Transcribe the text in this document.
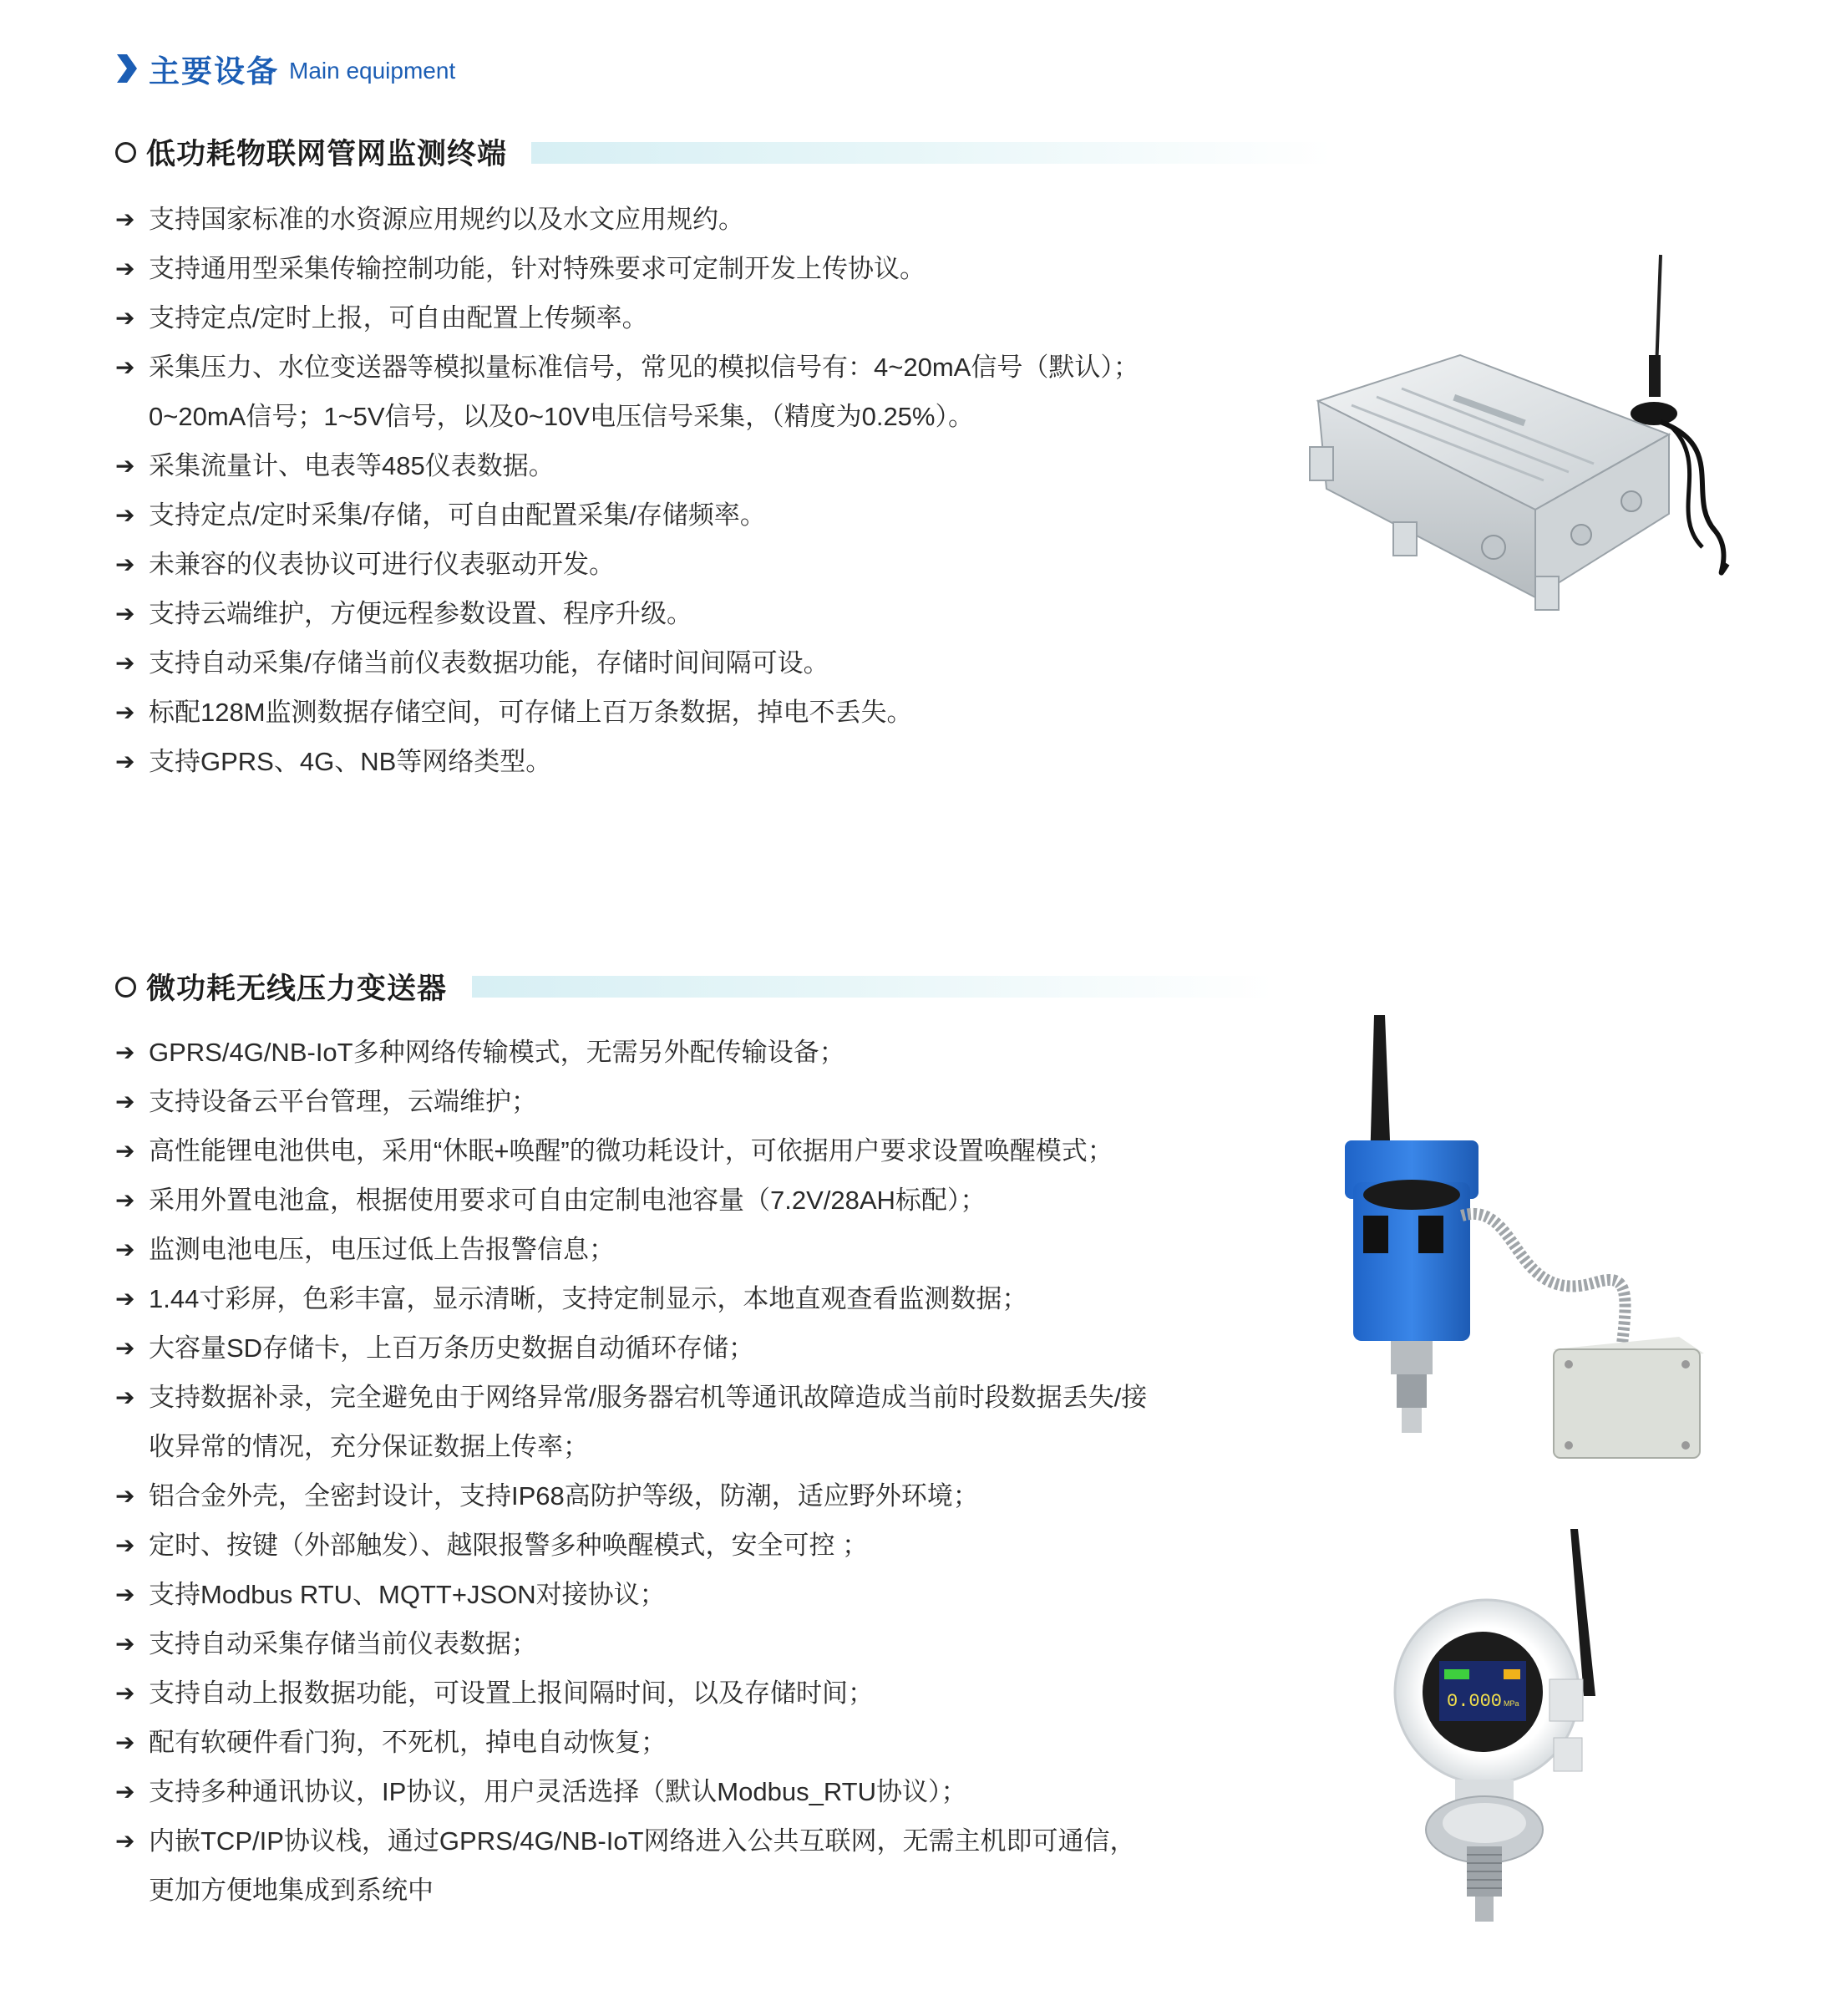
主要设备 Main equipment
低功耗物联网管网监测终端
➔ 支持国家标准的水资源应用规约以及水文应用规约。
➔ 支持通用型采集传输控制功能，针对特殊要求可定制开发上传协议。
➔ 支持定点/定时上报，可自由配置上传频率。
➔ 采集压力、水位变送器等模拟量标准信号，常见的模拟信号有：4~20mA信号（默认）；
0~20mA信号；1~5V信号，以及0~10V电压信号采集，（精度为0.25%）。
➔ 采集流量计、电表等485仪表数据。
➔ 支持定点/定时采集/存储，可自由配置采集/存储频率。
➔ 未兼容的仪表协议可进行仪表驱动开发。
➔ 支持云端维护，方便远程参数设置、程序升级。
➔ 支持自动采集/存储当前仪表数据功能，存储时间间隔可设。
➔ 标配128M监测数据存储空间，可存储上百万条数据，掉电不丢失。
➔ 支持GPRS、4G、NB等网络类型。
微功耗无线压力变送器
➔ GPRS/4G/NB-IoT多种网络传输模式，无需另外配传输设备；
➔ 支持设备云平台管理，云端维护；
➔ 高性能锂电池供电，采用“休眠+唤醒”的微功耗设计，可依据用户要求设置唤醒模式；
➔ 采用外置电池盒，根据使用要求可自由定制电池容量（7.2V/28AH标配）；
➔ 监测电池电压，电压过低上告报警信息；
➔ 1.44寸彩屏，色彩丰富，显示清晰，支持定制显示，本地直观查看监测数据；
➔ 大容量SD存储卡，上百万条历史数据自动循环存储；
➔ 支持数据补录，完全避免由于网络异常/服务器宕机等通讯故障造成当前时段数据丢失/接
收异常的情况，充分保证数据上传率；
➔ 铝合金外壳，全密封设计，支持IP68高防护等级，防潮，适应野外环境；
➔ 定时、按键（外部触发）、越限报警多种唤醒模式，安全可控 ；
➔ 支持Modbus RTU、MQTT+JSON对接协议；
➔ 支持自动采集存储当前仪表数据；
➔ 支持自动上报数据功能，可设置上报间隔时间，以及存储时间；
➔ 配有软硬件看门狗，不死机，掉电自动恢复；
➔ 支持多种通讯协议，IP协议，用户灵活选择（默认Modbus_RTU协议）；
➔ 内嵌TCP/IP协议栈，通过GPRS/4G/NB-IoT网络进入公共互联网，无需主机即可通信，
更加方便地集成到系统中
0.000 MPa
